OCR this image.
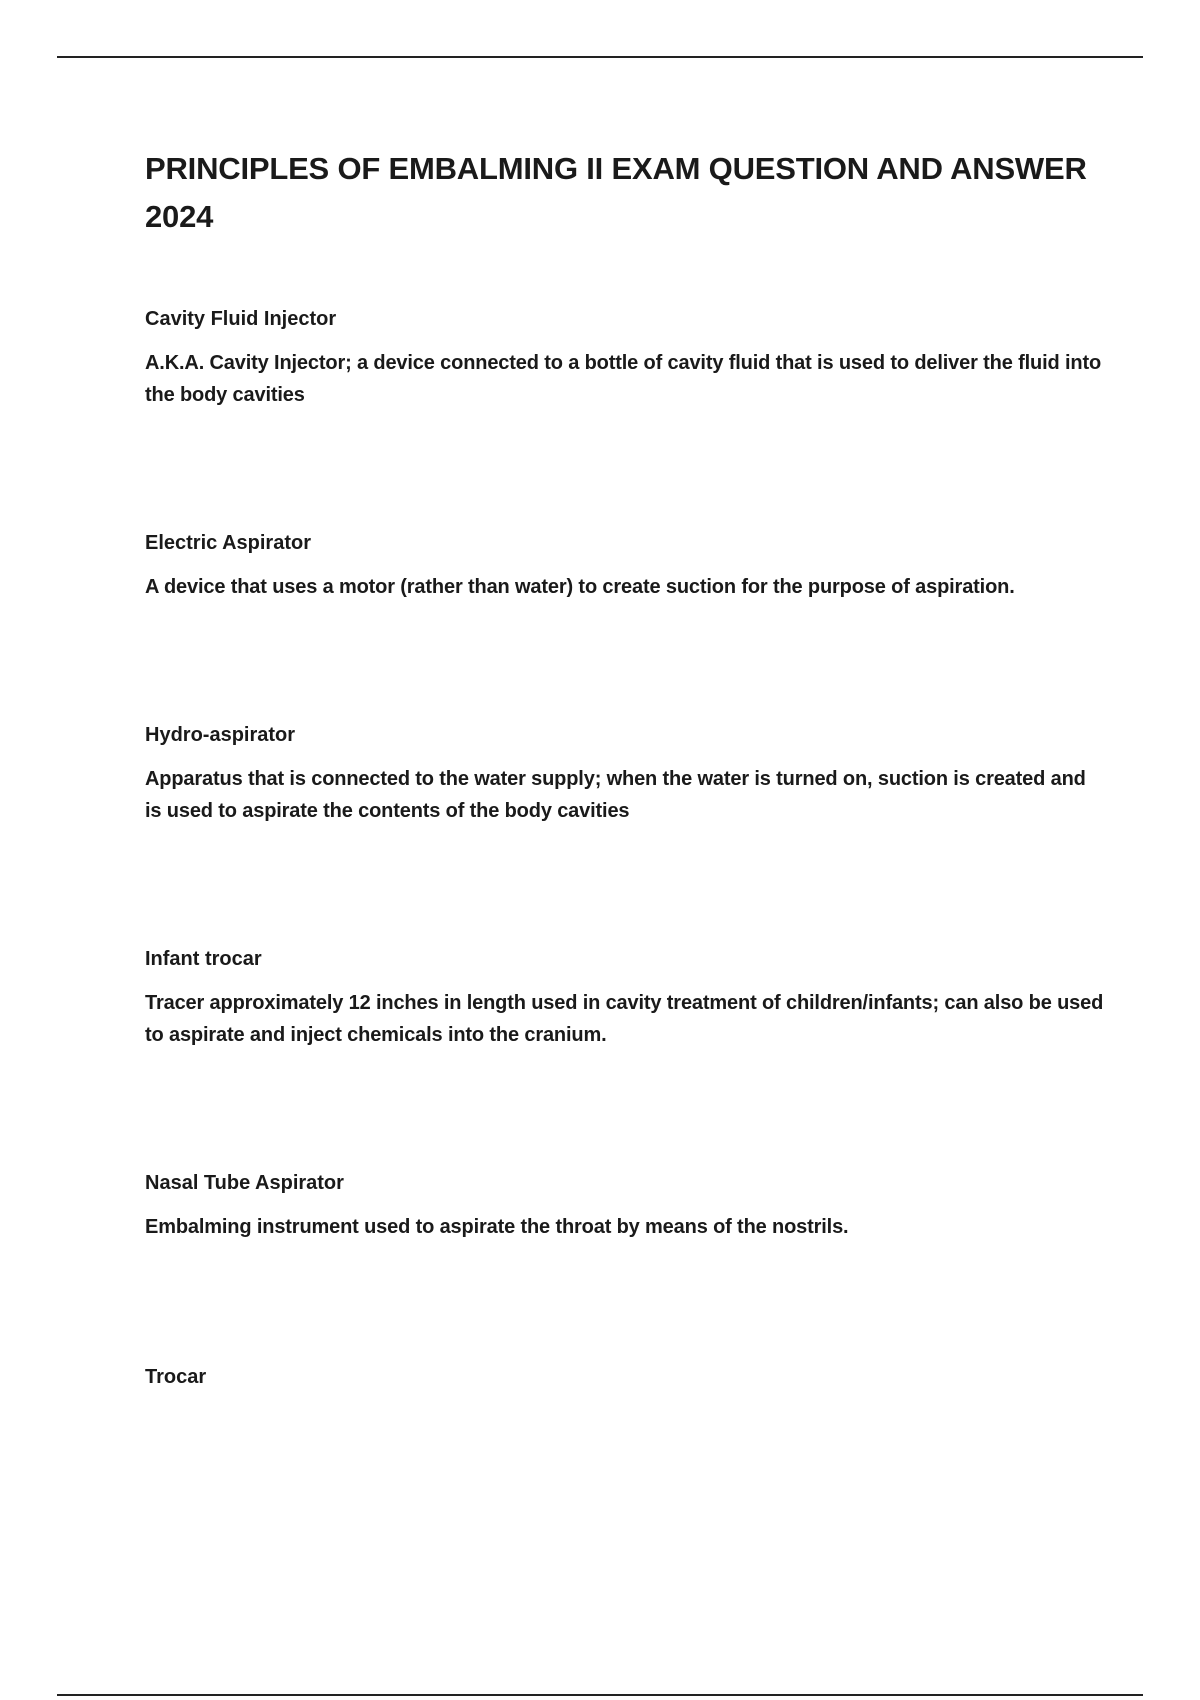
PRINCIPLES OF EMBALMING II EXAM QUESTION AND ANSWER 2024

Cavity Fluid Injector

A.K.A. Cavity Injector; a device connected to a bottle of cavity fluid that is used to deliver the fluid into the body cavities

Electric Aspirator

A device that uses a motor (rather than water) to create suction for the purpose of aspiration.

Hydro-aspirator

Apparatus that is connected to the water supply; when the water is turned on, suction is created and is used to aspirate the contents of the body cavities

Infant trocar

Tracer approximately 12 inches in length used in cavity treatment of children/infants; can also be used to aspirate and inject chemicals into the cranium.

Nasal Tube Aspirator

Embalming instrument used to aspirate the throat by means of the nostrils.

Trocar
